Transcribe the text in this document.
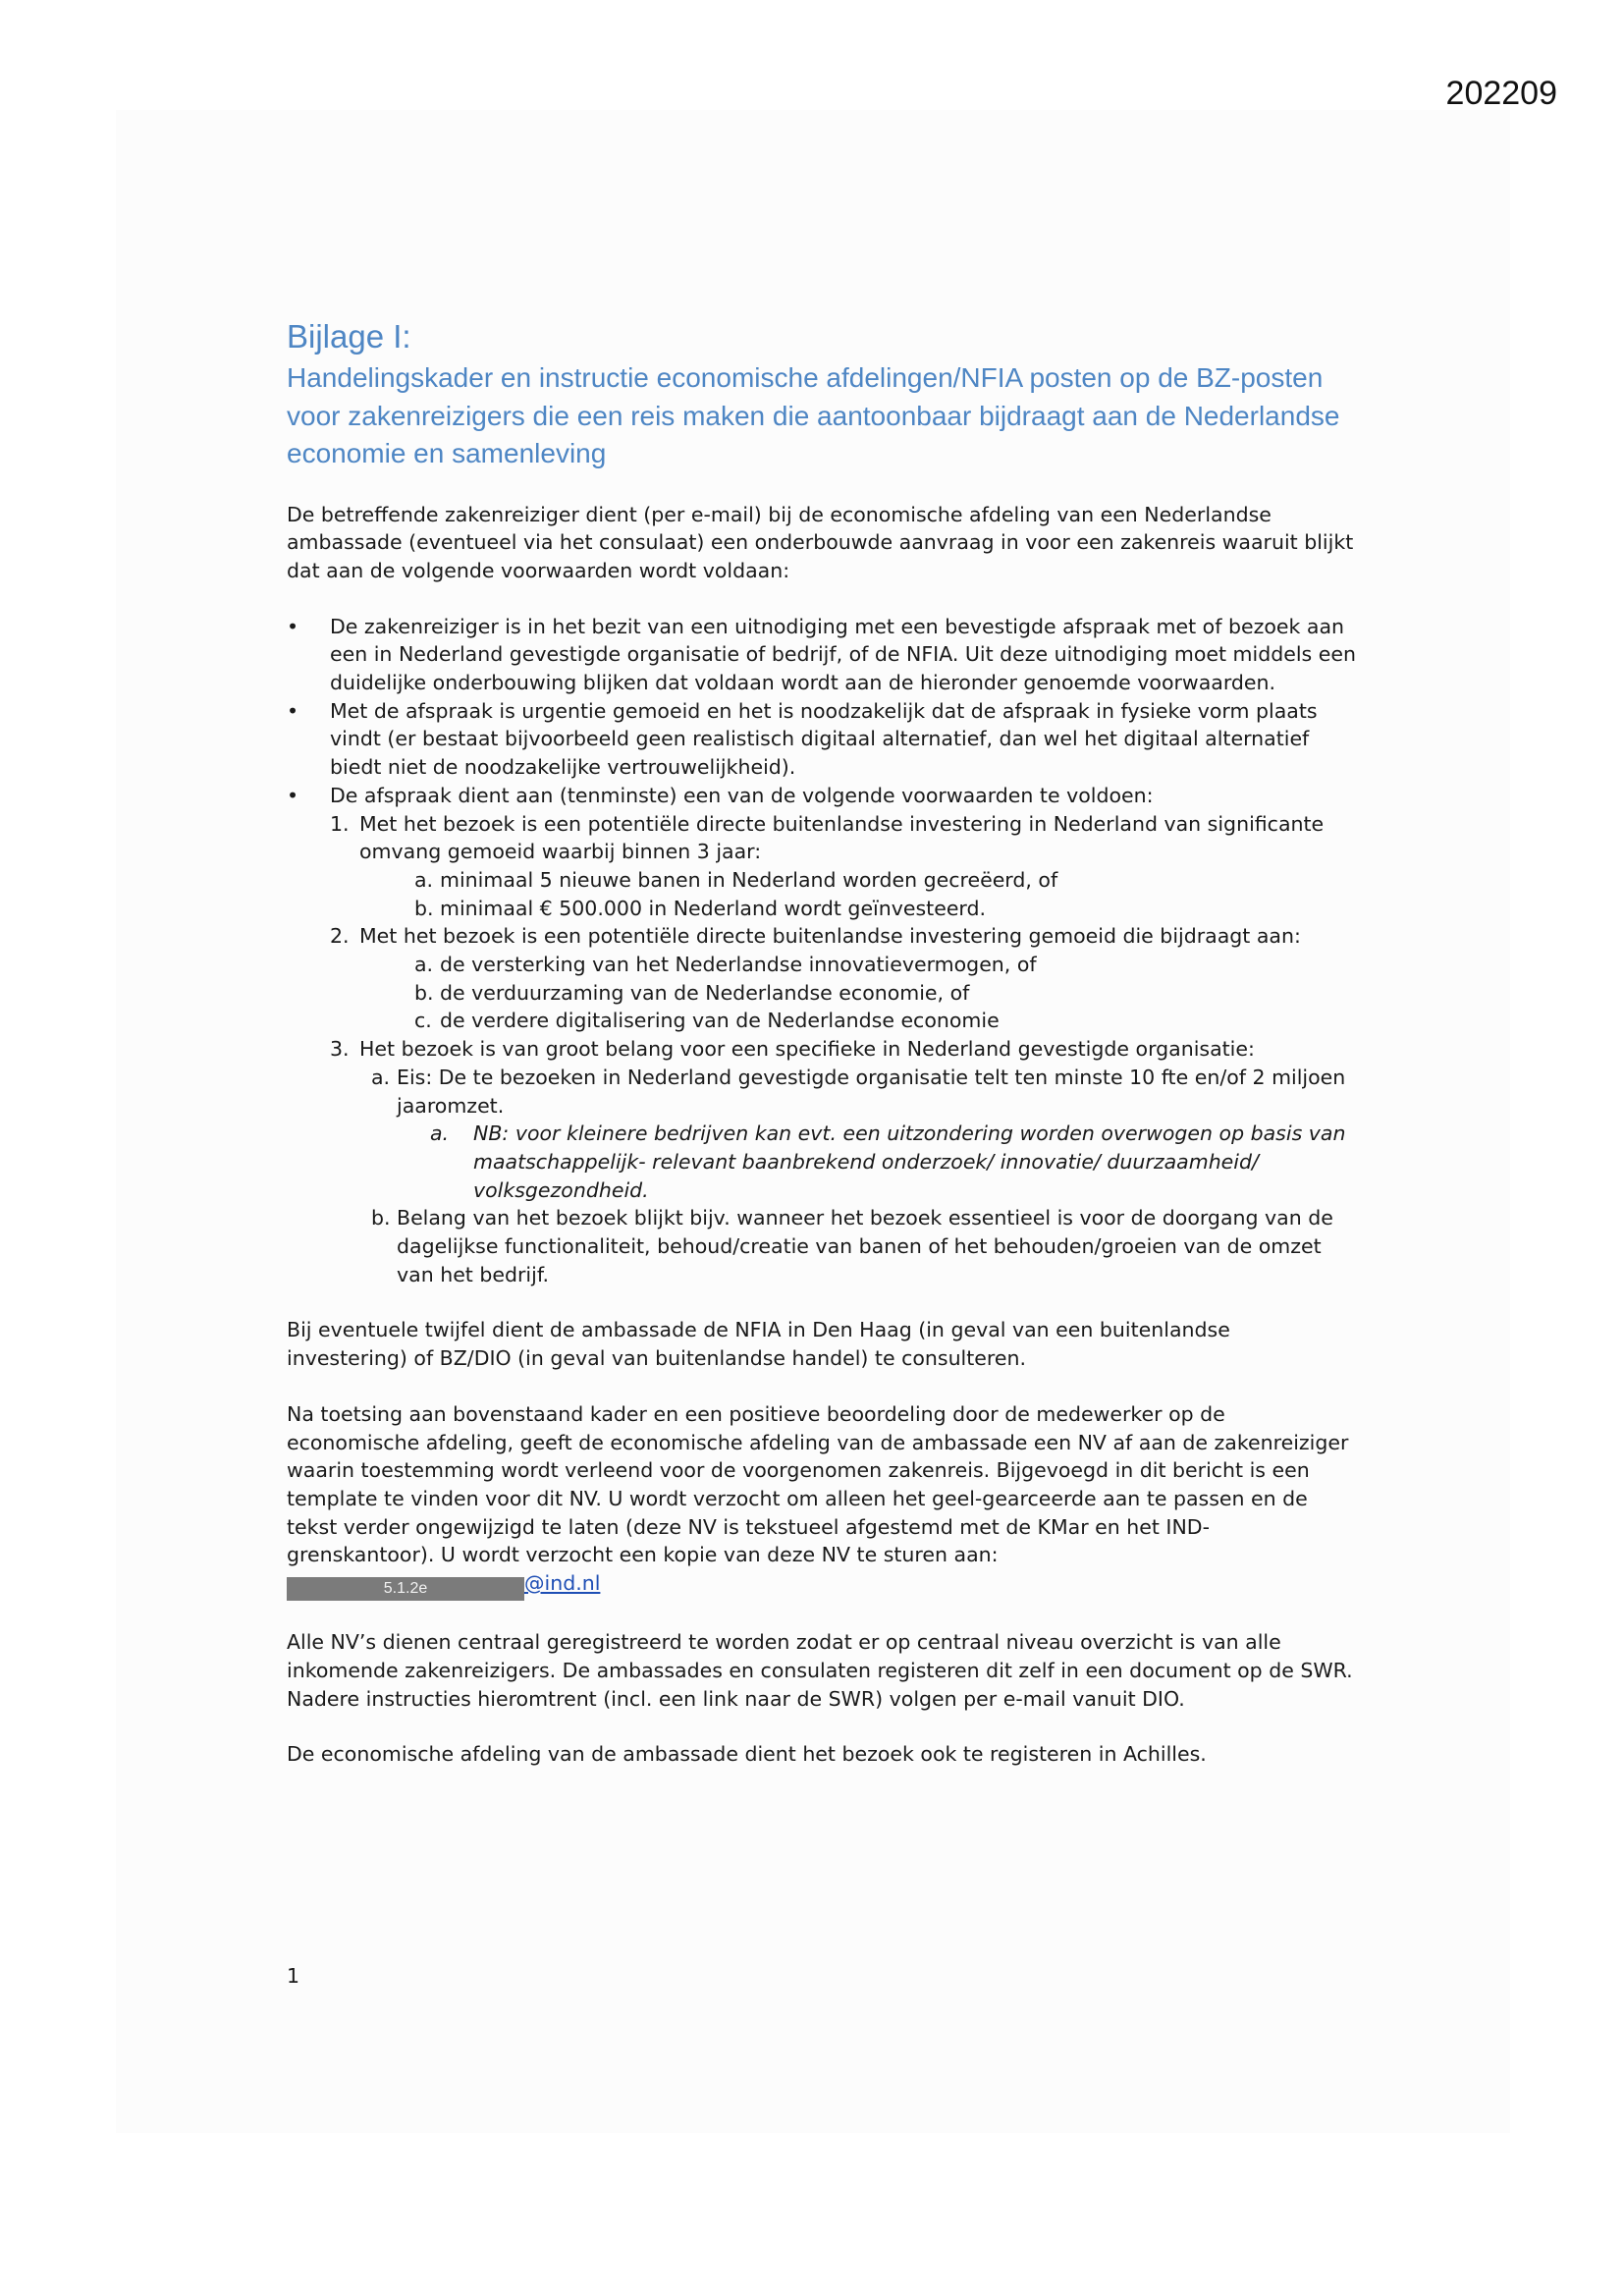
202209
Bijlage I:
Handelingskader en instructie economische afdelingen/NFIA posten op de BZ-posten voor zakenreizigers die een reis maken die aantoonbaar bijdraagt aan de Nederlandse economie en samenleving

De betreffende zakenreiziger dient (per e-mail) bij de economische afdeling van een Nederlandse ambassade (eventueel via het consulaat) een onderbouwde aanvraag in voor een zakenreis waaruit blijkt dat aan de volgende voorwaarden wordt voldaan:

• De zakenreiziger is in het bezit van een uitnodiging met een bevestigde afspraak met of bezoek aan een in Nederland gevestigde organisatie of bedrijf, of de NFIA. Uit deze uitnodiging moet middels een duidelijke onderbouwing blijken dat voldaan wordt aan de hieronder genoemde voorwaarden.
• Met de afspraak is urgentie gemoeid en het is noodzakelijk dat de afspraak in fysieke vorm plaats vindt (er bestaat bijvoorbeeld geen realistisch digitaal alternatief, dan wel het digitaal alternatief biedt niet de noodzakelijke vertrouwelijkheid).
• De afspraak dient aan (tenminste) een van de volgende voorwaarden te voldoen:
1. Met het bezoek is een potentiële directe buitenlandse investering in Nederland van significante omvang gemoeid waarbij binnen 3 jaar:
a. minimaal 5 nieuwe banen in Nederland worden gecreëerd, of
b. minimaal € 500.000 in Nederland wordt geïnvesteerd.
2. Met het bezoek is een potentiële directe buitenlandse investering gemoeid die bijdraagt aan:
a. de versterking van het Nederlandse innovatievermogen, of
b. de verduurzaming van de Nederlandse economie, of
c. de verdere digitalisering van de Nederlandse economie
3. Het bezoek is van groot belang voor een specifieke in Nederland gevestigde organisatie:
a. Eis: De te bezoeken in Nederland gevestigde organisatie telt ten minste 10 fte en/of 2 miljoen jaaromzet.
a. NB: voor kleinere bedrijven kan evt. een uitzondering worden overwogen op basis van maatschappelijk- relevant baanbrekend onderzoek/ innovatie/ duurzaamheid/ volksgezondheid.
b. Belang van het bezoek blijkt bijv. wanneer het bezoek essentieel is voor de doorgang van de dagelijkse functionaliteit, behoud/creatie van banen of het behouden/groeien van de omzet van het bedrijf.

Bij eventuele twijfel dient de ambassade de NFIA in Den Haag (in geval van een buitenlandse investering) of BZ/DIO (in geval van buitenlandse handel) te consulteren.

Na toetsing aan bovenstaand kader en een positieve beoordeling door de medewerker op de economische afdeling, geeft de economische afdeling van de ambassade een NV af aan de zakenreiziger waarin toestemming wordt verleend voor de voorgenomen zakenreis. Bijgevoegd in dit bericht is een template te vinden voor dit NV. U wordt verzocht om alleen het geel-gearceerde aan te passen en de tekst verder ongewijzigd te laten (deze NV is tekstueel afgestemd met de KMar en het IND-grenskantoor). U wordt verzocht een kopie van deze NV te sturen aan:
5.1.2e	@ind.nl

Alle NV’s dienen centraal geregistreerd te worden zodat er op centraal niveau overzicht is van alle inkomende zakenreizigers. De ambassades en consulaten registeren dit zelf in een document op de SWR. Nadere instructies hieromtrent (incl. een link naar de SWR) volgen per e-mail vanuit DIO.

De economische afdeling van de ambassade dient het bezoek ook te registeren in Achilles.

1
